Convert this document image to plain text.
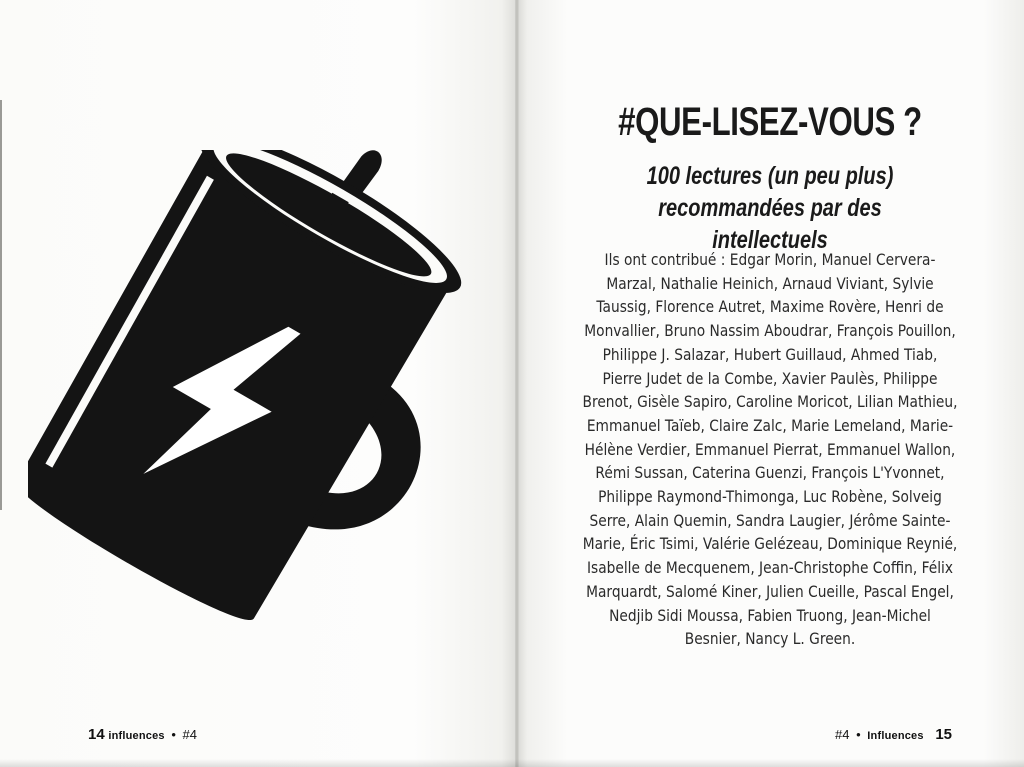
14 influences • #4
#QUE-LISEZ-VOUS ?
100 lectures (un peu plus)
recommandées par des intellectuels

Ils ont contribué : Edgar Morin, Manuel Cervera-Marzal, Nathalie Heinich, Arnaud Viviant, Sylvie Taussig, Florence Autret, Maxime Rovère, Henri de Monvallier, Bruno Nassim Aboudrar, François Pouillon, Philippe J. Salazar, Hubert Guillaud, Ahmed Tiab, Pierre Judet de la Combe, Xavier Paulès, Philippe Brenot, Gisèle Sapiro, Caroline Moricot, Lilian Mathieu, Emmanuel Taïeb, Claire Zalc, Marie Lemeland, Marie-Hélène Verdier, Emmanuel Pierrat, Emmanuel Wallon, Rémi Sussan, Caterina Guenzi, François L'Yvonnet, Philippe Raymond-Thimonga, Luc Robène, Solveig Serre, Alain Quemin, Sandra Laugier, Jérôme Sainte-Marie, Éric Tsimi, Valérie Gelézeau, Dominique Reynié, Isabelle de Mecquenem, Jean-Christophe Coffin, Félix Marquardt, Salomé Kiner, Julien Cueille, Pascal Engel, Nedjib Sidi Moussa, Fabien Truong, Jean-Michel Besnier, Nancy L. Green.

#4 • Influences 15
